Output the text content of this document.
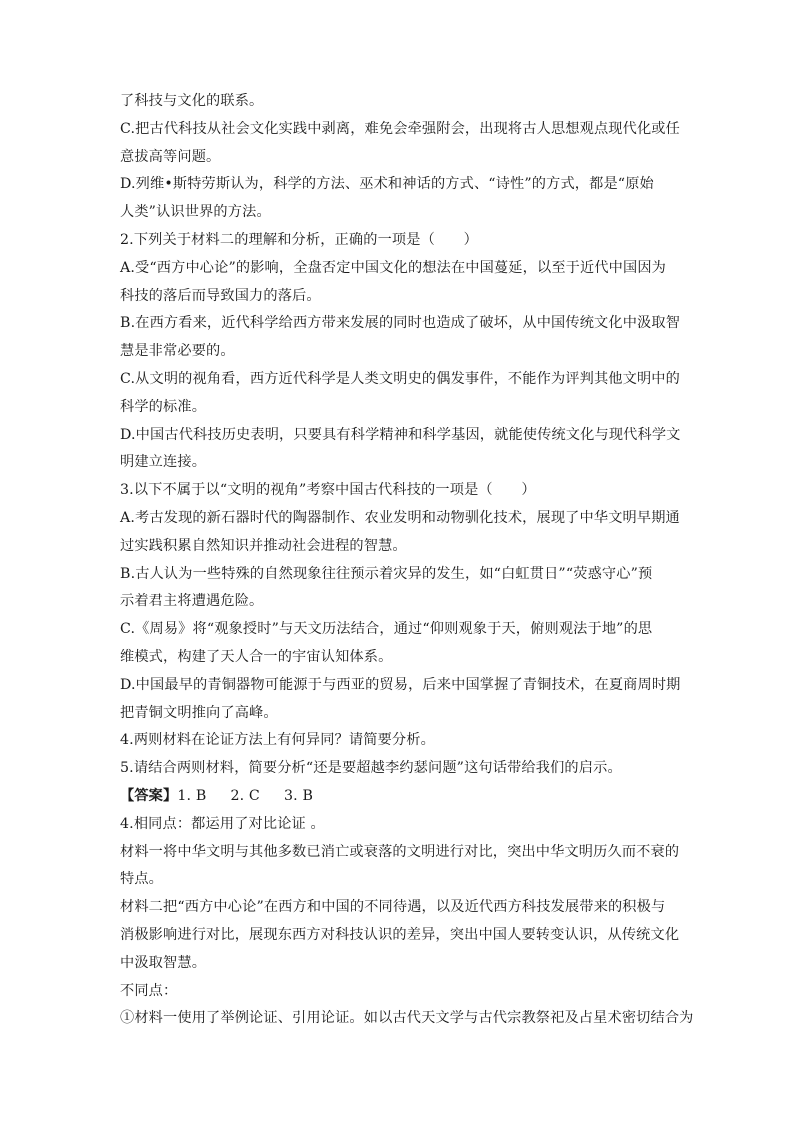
了科技与文化的联系。
C.把古代科技从社会文化实践中剥离，难免会牵强附会，出现将古人思想观点现代化或任
意拔高等问题。
D.列维•斯特劳斯认为，科学的方法、巫术和神话的方式、“诗性”的方式，都是“原始
人类”认识世界的方法。
2.下列关于材料二的理解和分析，正确的一项是（　　）
A.受“西方中心论”的影响，全盘否定中国文化的想法在中国蔓延，以至于近代中国因为
科技的落后而导致国力的落后。
B.在西方看来，近代科学给西方带来发展的同时也造成了破坏，从中国传统文化中汲取智
慧是非常必要的。
C.从文明的视角看，西方近代科学是人类文明史的偶发事件，不能作为评判其他文明中的
科学的标准。
D.中国古代科技历史表明，只要具有科学精神和科学基因，就能使传统文化与现代科学文
明建立连接。
3.以下不属于以“文明的视角”考察中国古代科技的一项是（　　）
A.考古发现的新石器时代的陶器制作、农业发明和动物驯化技术，展现了中华文明早期通
过实践积累自然知识并推动社会进程的智慧。
B.古人认为一些特殊的自然现象往往预示着灾异的发生，如“白虹贯日”“荧惑守心”预
示着君主将遭遇危险。
C.《周易》将“观象授时”与天文历法结合，通过“仰则观象于天，俯则观法于地”的思
维模式，构建了天人合一的宇宙认知体系。
D.中国最早的青铜器物可能源于与西亚的贸易，后来中国掌握了青铜技术，在夏商周时期
把青铜文明推向了高峰。
4.两则材料在论证方法上有何异同？请简要分析。
5.请结合两则材料，简要分析“还是要超越李约瑟问题”这句话带给我们的启示。
【答案】1. B 2. C 3. B
4.相同点：都运用了对比论证 。
材料一将中华文明与其他多数已消亡或衰落的文明进行对比，突出中华文明历久而不衰的
特点。
材料二把“西方中心论”在西方和中国的不同待遇，以及近代西方科技发展带来的积极与
消极影响进行对比，展现东西方对科技认识的差异，突出中国人要转变认识，从传统文化
中汲取智慧。
不同点：
①材料一使用了举例论证、引用论证。如以古代天文学与古代宗教祭祀及占星术密切结合为
